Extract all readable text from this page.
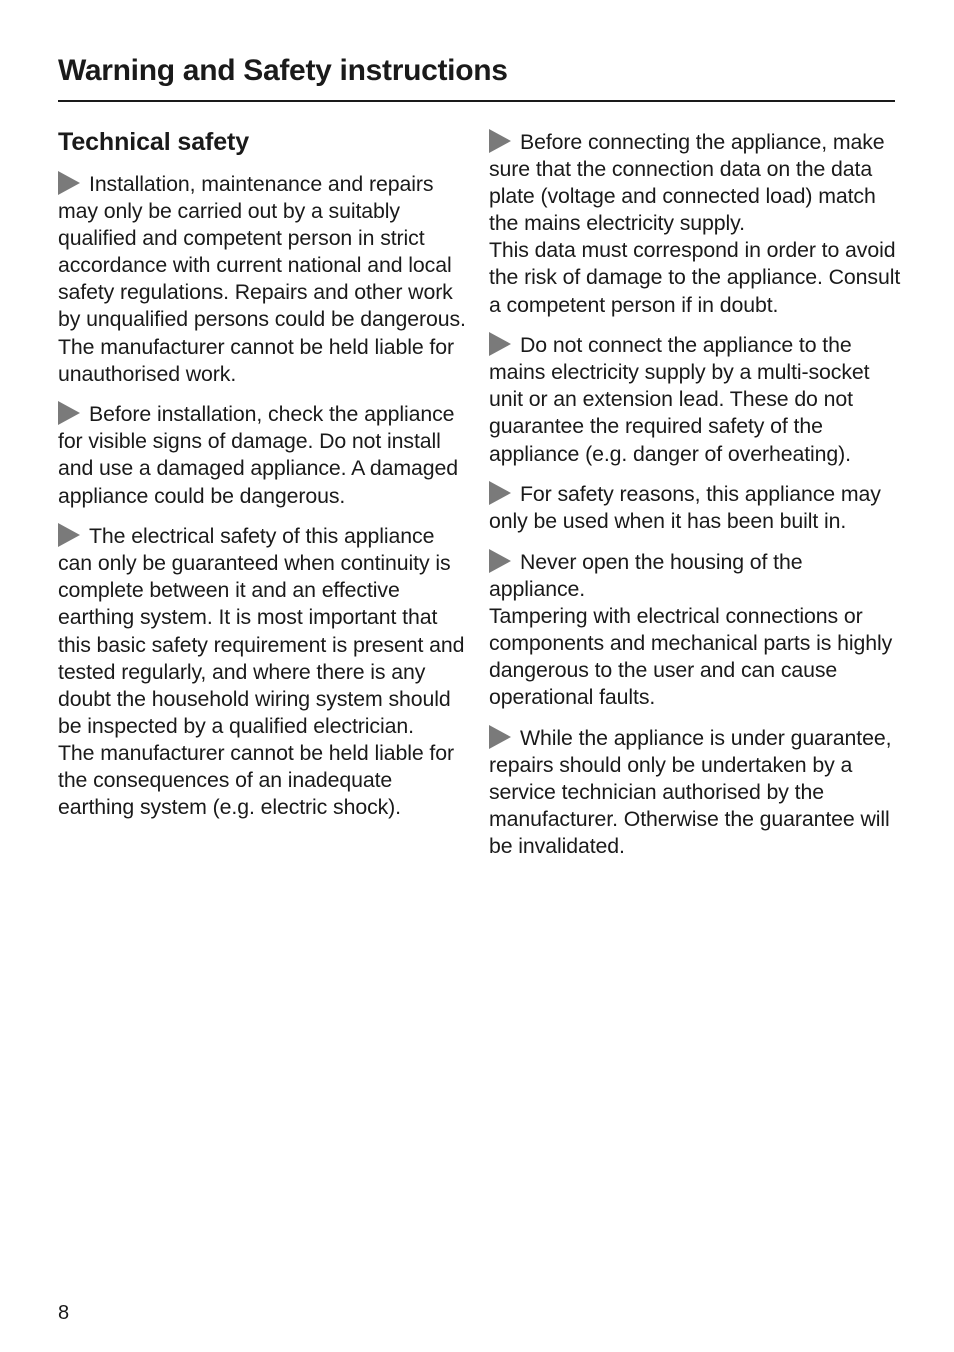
Warning and Safety instructions
Technical safety

Installation, maintenance and repairs may only be carried out by a suitably qualified and competent person in strict accordance with current national and local safety regulations. Repairs and other work by unqualified persons could be dangerous. The manufacturer cannot be held liable for unauthorised work.

Before installation, check the appliance for visible signs of damage. Do not install and use a damaged appliance. A damaged appliance could be dangerous.

The electrical safety of this appliance can only be guaranteed when continuity is complete between it and an effective earthing system. It is most important that this basic safety requirement is present and tested regularly, and where there is any doubt the household wiring system should be inspected by a qualified electrician.

The manufacturer cannot be held liable for the consequences of an inadequate earthing system (e.g. electric shock).

Before connecting the appliance, make sure that the connection data on the data plate (voltage and connected load) match the mains electricity supply.

This data must correspond in order to avoid the risk of damage to the appliance. Consult a competent person if in doubt.

Do not connect the appliance to the mains electricity supply by a multi-socket unit or an extension lead. These do not guarantee the required safety of the appliance (e.g. danger of overheating).

For safety reasons, this appliance may only be used when it has been built in.

Never open the housing of the appliance.

Tampering with electrical connections or components and mechanical parts is highly dangerous to the user and can cause operational faults.

While the appliance is under guarantee, repairs should only be undertaken by a service technician authorised by the manufacturer. Otherwise the guarantee will be invalidated.

8
